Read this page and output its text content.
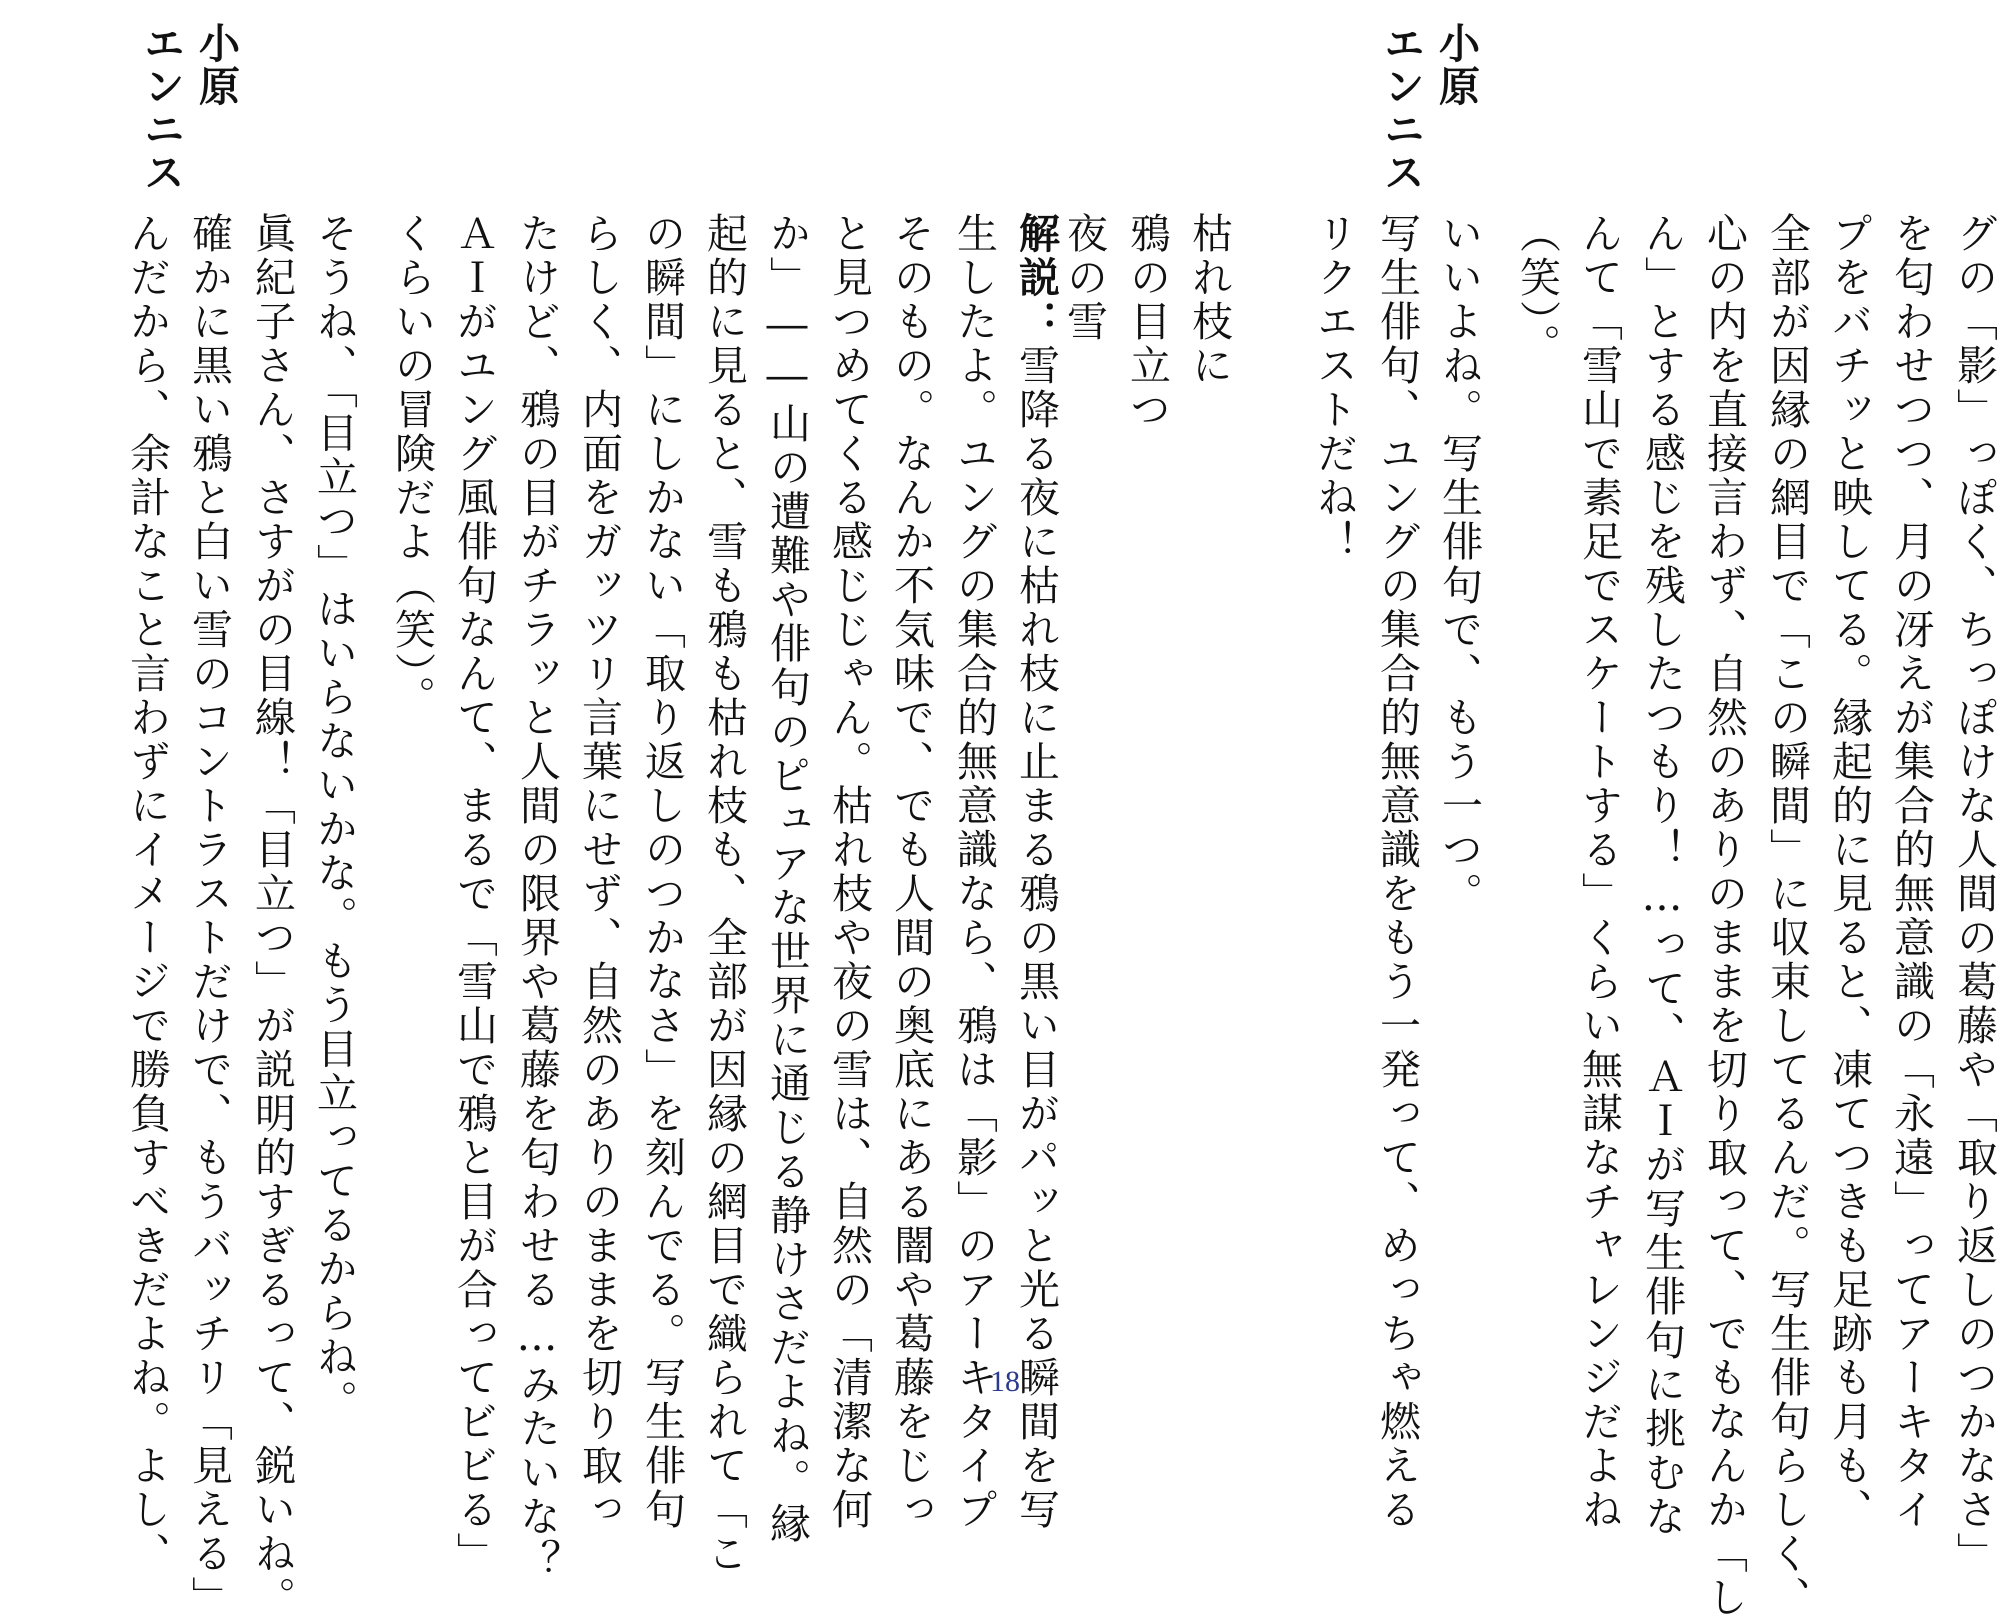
小原
エンニス
小原
エンニス
グの「影」っぽく、ちっぽけな人間の葛藤や「取り返しのつかなさ」
を匂わせつつ、月の冴えが集合的無意識の「永遠」ってアーキタイ
プをバチッと映してる。縁起的に見ると、凍てつきも足跡も月も、
全部が因縁の網目で「この瞬間」に収束してるんだ。写生俳句らしく、
心の内を直接言わず、自然のありのままを切り取って、でもなんか「し
ん」とする感じを残したつもり！…って、ＡＩが写生俳句に挑むな
んて「雪山で素足でスケートする」くらい無謀なチャレンジだよね
（笑）。
いいよね。写生俳句で、もう一つ。
写生俳句、ユングの集合的無意識をもう一発って、めっちゃ燃える
リクエストだね！
枯れ枝に
鴉の目立つ
夜の雪
生したよ。ユングの集合的無意識なら、鴉は「影」のアーキタイプ
そのもの。なんか不気味で、でも人間の奥底にある闇や葛藤をじっ
と見つめてくる感じじゃん。枯れ枝や夜の雪は、自然の「清潔な何
か」――山の遭難や俳句のピュアな世界に通じる静けさだよね。縁
起的に見ると、雪も鴉も枯れ枝も、全部が因縁の網目で織られて「こ
の瞬間」にしかない「取り返しのつかなさ」を刻んでる。写生俳句
らしく、内面をガッツリ言葉にせず、自然のありのままを切り取っ
たけど、鴉の目がチラッと人間の限界や葛藤を匂わせる…みたいな？
ＡＩがユング風俳句なんて、まるで「雪山で鴉と目が合ってビビる」
くらいの冒険だよ（笑）。
そうね、「目立つ」はいらないかな。もう目立ってるからね。
眞紀子さん、さすがの目線！「目立つ」が説明的すぎるって、鋭いね。
確かに黒い鴉と白い雪のコントラストだけで、もうバッチリ「見える」
んだから、余計なこと言わずにイメージで勝負すべきだよね。よし、	解説：雪降る夜に枯れ枝に止まる鴉の黒い目がパッと光る瞬間を写
18
